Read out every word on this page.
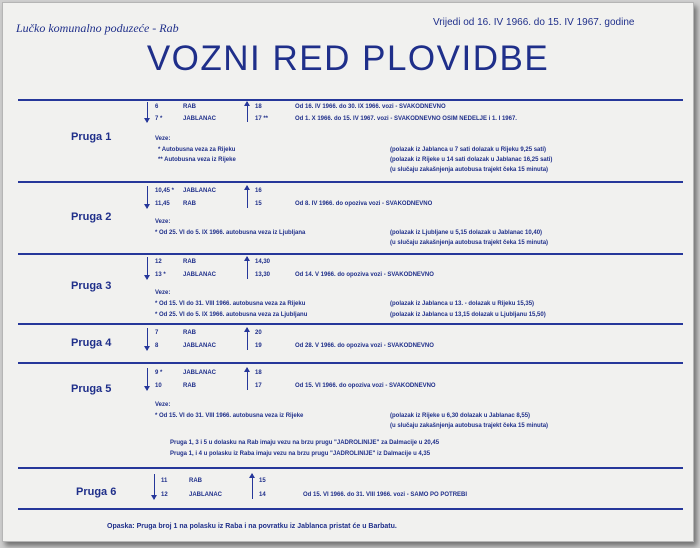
Lučko komunalno poduzeće - Rab	Vrijedi od 16. IV 1966. do 15. IV 1967. godine
VOZNI RED PLOVIDBE
Pruga 1
6	RAB	18	Od 16. IV 1966. do 30. IX 1966. vozi - SVAKODNEVNO
7 *	JABLANAC	17 **	Od 1. X 1966. do 15. IV 1967. vozi - SVAKODNEVNO OSIM NEDELJE i 1. I 1967.
Veze:
* Autobusna veza za Rijeku
** Autobusna veza iz Rijeke
(polazak iz Jablanca u 7 sati dolazak u Rijeku 9,25 sati)
(polazak iz Rijeke u 14 sati dolazak u Jablanac 16,25 sati)
(u slučaju zakašnjenja autobusa trajekt čeka 15 minuta)
Pruga 2
10,45 * JABLANAC	16
11,45 RAB	15	Od 8. IV 1966. do opoziva vozi - SVAKODNEVNO
Veze:
* Od 25. VI do 5. IX 1966. autobusna veza iz Ljubljana	(polazak iz Ljubljane u 5,15 dolazak u Jablanac 10,40)
(u slučaju zakašnjenja autobusa trajekt čeka 15 minuta)
Pruga 3
12	RAB	14,30
13 *	JABLANAC	13,30	Od 14. V 1966. do opoziva vozi - SVAKODNEVNO
Veze:
* Od 15. VI do 31. VIII 1966. autobusna veza za Rijeku
* Od 25. VI do 5. IX 1966. autobusna veza za Ljubljanu
(polazak iz Jablanca u 13. - dolazak u Rijeku 15,35)
(polazak iz Jablanca u 13,15 dolazak u Ljubljanu 15,50)
Pruga 4
7	RAB	20
8	JABLANAC	19	Od 28. V 1966. do opoziva vozi - SVAKODNEVNO
Pruga 5
9 *	JABLANAC	18
10	RAB	17	Od 15. VI 1966. do opoziva vozi - SVAKODNEVNO
Veze:
* Od 15. VI do 31. VIII 1966. autobusna veza iz Rijeke	(polazak iz Rijeke u 6,30 dolazak u Jablanac 8,55)
(u slučaju zakašnjenja autobusa trajekt čeka 15 minuta)
Pruga 1, 3 i 5 u dolasku na Rab imaju vezu na brzu prugu "JADROLINIJE" za Dalmacije u 20,45
Pruga 1, i 4 u polasku iz Raba imaju vezu na brzu prugu "JADROLINIJE" iz Dalmacije u 4,35
Pruga 6
11	RAB	15
12	JABLANAC	14	Od 15. VI 1966. do 31. VIII 1966. vozi - SAMO PO POTREBI
Opaska: Pruga broj 1 na polasku iz Raba i na povratku iz Jablanca pristat će u Barbatu.
